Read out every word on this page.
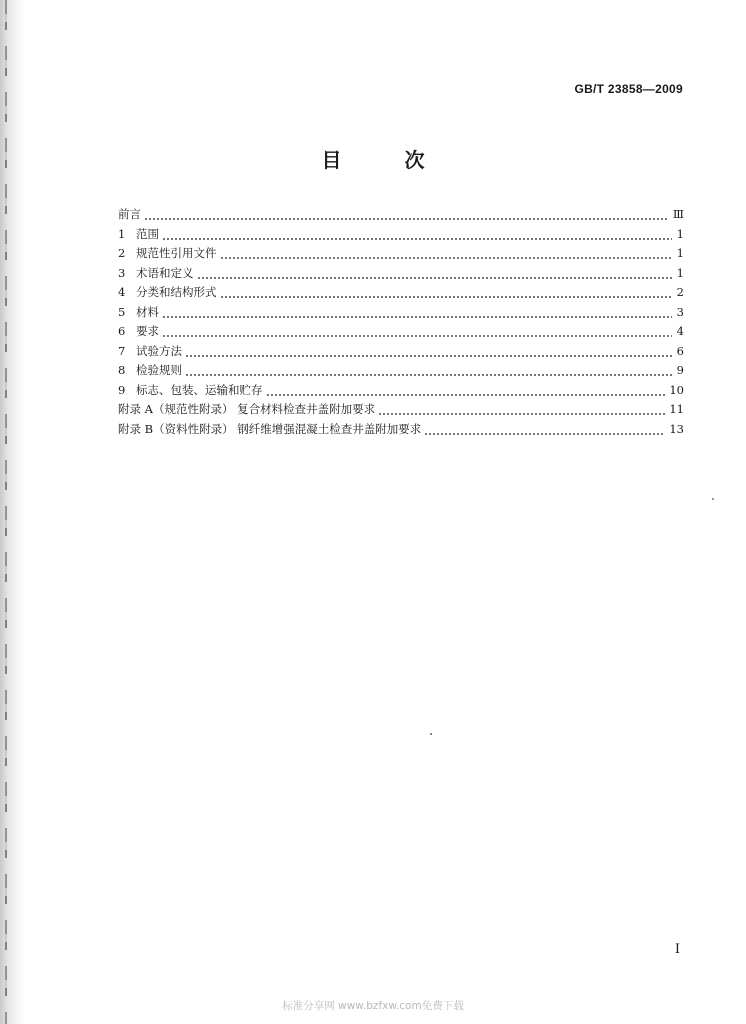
GB/T 23858—2009
目 次
前言	Ⅲ
1 范围	1
2 规范性引用文件	1
3 术语和定义	1
4 分类和结构形式	2
5 材料	3
6 要求	4
7 试验方法	6
8 检验规则	9
9 标志、包装、运输和贮存	10
附录 A（规范性附录） 复合材料检查井盖附加要求	11
附录 B（资料性附录） 钢纤维增强混凝土检查井盖附加要求	13
I
标准分享网 www.bzfxw.com免费下载
